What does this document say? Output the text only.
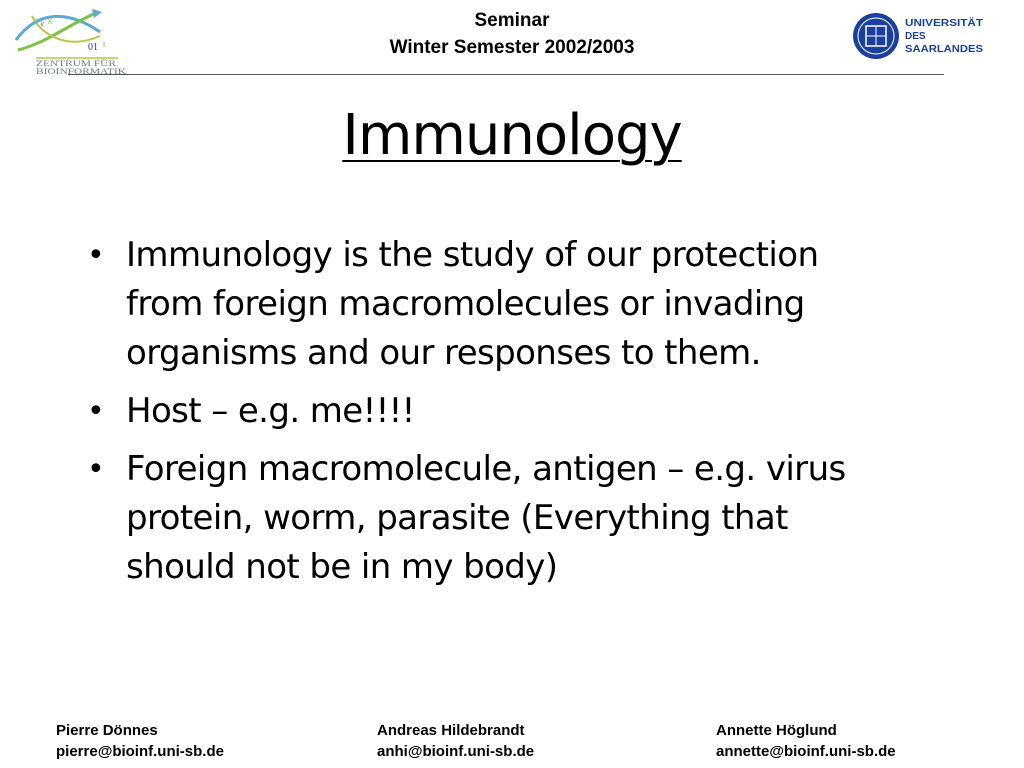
a c g
01 1
ZENTRUM FÜR
BIOINFORMATIK
Seminar
Winter Semester 2002/2003
UNIVERSITÄT
DES
SAARLANDES
Immunology
• Immunology is the study of our protection
from foreign macromolecules or invading
organisms and our responses to them.
• Host – e.g. me!!!!
• Foreign macromolecule, antigen – e.g. virus
protein, worm, parasite (Everything that
should not be in my body)
Pierre Dönnes
pierre@bioinf.uni-sb.de
Andreas Hildebrandt
anhi@bioinf.uni-sb.de
Annette Höglund
annette@bioinf.uni-sb.de
